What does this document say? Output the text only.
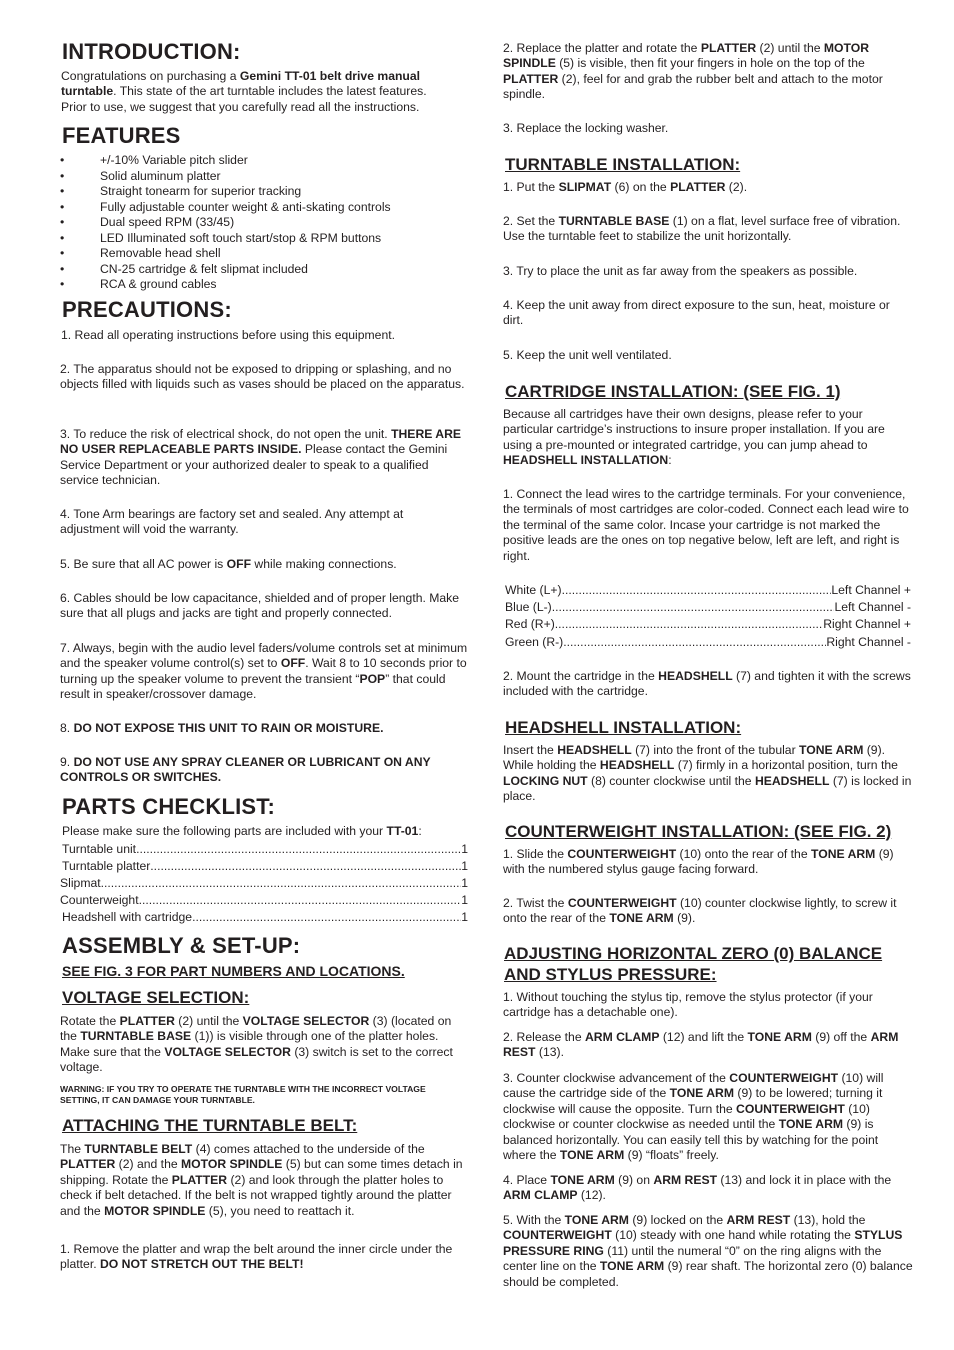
INTRODUCTION:

Congratulations on purchasing a Gemini TT-01 belt drive manual turntable. This state of the art turntable includes the latest features. Prior to use, we suggest that you carefully read all the instructions.

FEATURES
• +/-10% Variable pitch slider
• Solid aluminum platter
• Straight tonearm for superior tracking
• Fully adjustable counter weight & anti-skating controls
• Dual speed RPM (33/45)
• LED Illuminated soft touch start/stop & RPM buttons
• Removable head shell
• CN-25 cartridge & felt slipmat included
• RCA & ground cables
PRECAUTIONS:

1. Read all operating instructions before using this equipment.

2. The apparatus should not be exposed to dripping or splashing, and no objects filled with liquids such as vases should be placed on the apparatus.

3. To reduce the risk of electrical shock, do not open the unit. THERE ARE NO USER REPLACEABLE PARTS INSIDE. Please contact the Gemini Service Department or your authorized dealer to speak to a qualified service technician.

4. Tone Arm bearings are factory set and sealed. Any attempt at adjustment will void the warranty.

5. Be sure that all AC power is OFF while making connections.

6. Cables should be low capacitance, shielded and of proper length. Make sure that all plugs and jacks are tight and properly connected.

7. Always, begin with the audio level faders/volume controls set at minimum and the speaker volume control(s) set to OFF. Wait 8 to 10 seconds prior to turning up the speaker volume to prevent the transient “POP” that could result in speaker/crossover damage.

8. DO NOT EXPOSE THIS UNIT TO RAIN OR MOISTURE.

9. DO NOT USE ANY SPRAY CLEANER OR LUBRICANT ON ANY CONTROLS OR SWITCHES.

PARTS CHECKLIST:

Please make sure the following parts are included with your TT-01:

Turntable unit .....	1
Turntable platter .....	1
Slipmat .....	1
Counterweight .....	1
Headshell with cartridge .....	1
ASSEMBLY & SET-UP:
SEE FIG. 3 FOR PART NUMBERS AND LOCATIONS.
VOLTAGE SELECTION:

Rotate the PLATTER (2) until the VOLTAGE SELECTOR (3) (located on the TURNTABLE BASE (1)) is visible through one of the platter holes. Make sure that the VOLTAGE SELECTOR (3) switch is set to the correct voltage.

WARNING: IF YOU TRY TO OPERATE THE TURNTABLE WITH THE INCORRECT VOLTAGE SETTING, IT CAN DAMAGE YOUR TURNTABLE.

ATTACHING THE TURNTABLE BELT:

The TURNTABLE BELT (4) comes attached to the underside of the PLATTER (2) and the MOTOR SPINDLE (5) but can some times detach in shipping. Rotate the PLATTER (2) and look through the platter holes to check if belt detached. If the belt is not wrapped tightly around the platter and the MOTOR SPINDLE (5), you need to reattach it.

1. Remove the platter and wrap the belt around the inner circle under the platter. DO NOT STRETCH OUT THE BELT!

2. Replace the platter and rotate the PLATTER (2) until the MOTOR SPINDLE (5) is visible, then fit your fingers in hole on the top of the PLATTER (2), feel for and grab the rubber belt and attach to the motor spindle.

3. Replace the locking washer.

TURNTABLE INSTALLATION:

1. Put the SLIPMAT (6) on the PLATTER (2).

2. Set the TURNTABLE BASE (1) on a flat, level surface free of vibration. Use the turntable feet to stabilize the unit horizontally.

3. Try to place the unit as far away from the speakers as possible.

4. Keep the unit away from direct exposure to the sun, heat, moisture or dirt.

5. Keep the unit well ventilated.

CARTRIDGE INSTALLATION: (SEE FIG. 1)

Because all cartridges have their own designs, please refer to your particular cartridge’s instructions to insure proper installation. If you are using a pre-mounted or integrated cartridge, you can jump ahead to HEADSHELL INSTALLATION:

1. Connect the lead wires to the cartridge terminals. For your convenience, the terminals of most cartridges are color-coded. Connect each lead wire to the terminal of the same color. Incase your cartridge is not marked the positive leads are the ones on top negative below, left are left, and right is right.

White (L+) .....	Left Channel +
Blue (L-) .....	Left Channel -
Red (R+) .....	Right Channel +
Green (R-) .....	Right Channel -

2. Mount the cartridge in the HEADSHELL (7) and tighten it with the screws included with the cartridge.

HEADSHELL INSTALLATION:

Insert the HEADSHELL (7) into the front of the tubular TONE ARM (9). While holding the HEADSHELL (7) firmly in a horizontal position, turn the LOCKING NUT (8) counter clockwise until the HEADSHELL (7) is locked in place.

COUNTERWEIGHT INSTALLATION: (SEE FIG. 2)

1. Slide the COUNTERWEIGHT (10) onto the rear of the TONE ARM (9) with the numbered stylus gauge facing forward.

2. Twist the COUNTERWEIGHT (10) counter clockwise lightly, to screw it onto the rear of the TONE ARM (9).

ADJUSTING HORIZONTAL ZERO (0) BALANCE
AND STYLUS PRESSURE:

1. Without touching the stylus tip, remove the stylus protector (if your cartridge has a detachable one).

2. Release the ARM CLAMP (12) and lift the TONE ARM (9) off the ARM REST (13).

3. Counter clockwise advancement of the COUNTERWEIGHT (10) will cause the cartridge side of the TONE ARM (9) to be lowered; turning it clockwise will cause the opposite. Turn the COUNTERWEIGHT (10) clockwise or counter clockwise as needed until the TONE ARM (9) is balanced horizontally. You can easily tell this by watching for the point where the TONE ARM (9) “floats” freely.

4. Place TONE ARM (9) on ARM REST (13) and lock it in place with the ARM CLAMP (12).

5. With the TONE ARM (9) locked on the ARM REST (13), hold the COUNTERWEIGHT (10) steady with one hand while rotating the STYLUS PRESSURE RING (11) until the numeral “0” on the ring aligns with the center line on the TONE ARM (9) rear shaft. The horizontal zero (0) balance should be completed.
